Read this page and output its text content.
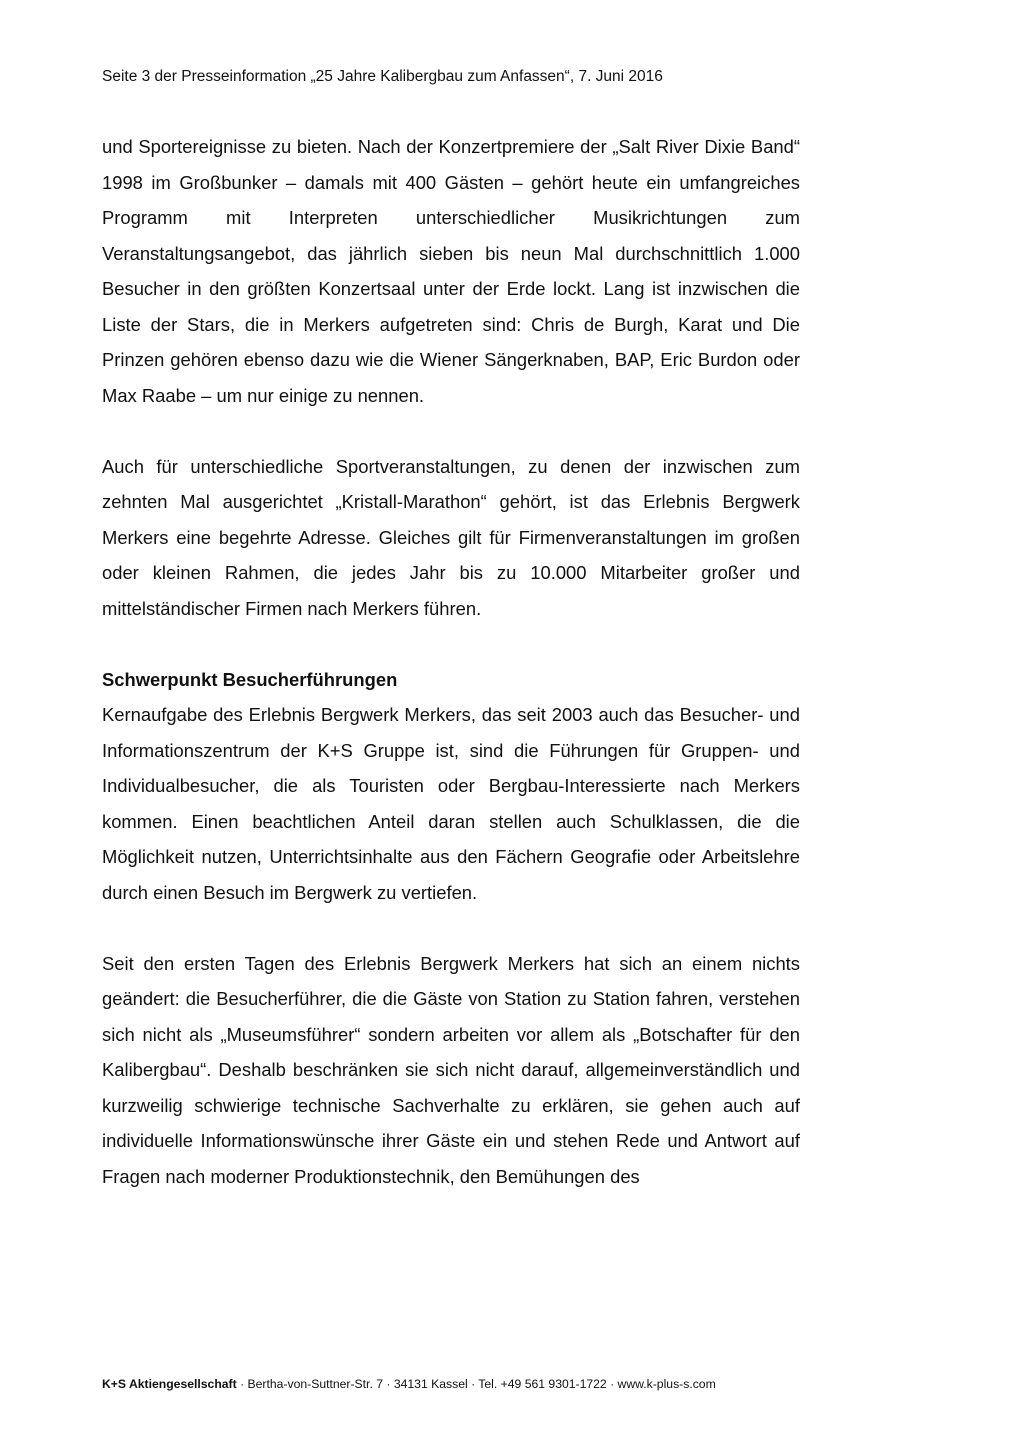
Seite 3 der Presseinformation „25 Jahre Kalibergbau zum Anfassen“, 7. Juni 2016

und Sportereignisse zu bieten. Nach der Konzertpremiere der „Salt River Dixie Band“ 1998 im Großbunker – damals mit 400 Gästen – gehört heute ein umfangreiches Programm mit Interpreten unterschiedlicher Musikrichtungen zum Veranstaltungsangebot, das jährlich sieben bis neun Mal durchschnittlich 1.000 Besucher in den größten Konzertsaal unter der Erde lockt. Lang ist inzwischen die Liste der Stars, die in Merkers aufgetreten sind: Chris de Burgh, Karat und Die Prinzen gehören ebenso dazu wie die Wiener Sängerknaben, BAP, Eric Burdon oder Max Raabe – um nur einige zu nennen.

Auch für unterschiedliche Sportveranstaltungen, zu denen der inzwischen zum zehnten Mal ausgerichtet „Kristall-Marathon“ gehört, ist das Erlebnis Bergwerk Merkers eine begehrte Adresse. Gleiches gilt für Firmenveranstaltungen im großen oder kleinen Rahmen, die jedes Jahr bis zu 10.000 Mitarbeiter großer und mittelständischer Firmen nach Merkers führen.

Schwerpunkt Besucherführungen

Kernaufgabe des Erlebnis Bergwerk Merkers, das seit 2003 auch das Besucher- und Informationszentrum der K+S Gruppe ist, sind die Führungen für Gruppen- und Individualbesucher, die als Touristen oder Bergbau-Interessierte nach Merkers kommen. Einen beachtlichen Anteil daran stellen auch Schulklassen, die die Möglichkeit nutzen, Unterrichtsinhalte aus den Fächern Geografie oder Arbeitslehre durch einen Besuch im Bergwerk zu vertiefen.

Seit den ersten Tagen des Erlebnis Bergwerk Merkers hat sich an einem nichts geändert: die Besucherführer, die die Gäste von Station zu Station fahren, verstehen sich nicht als „Museumsführer“ sondern arbeiten vor allem als „Botschafter für den Kalibergbau“. Deshalb beschränken sie sich nicht darauf, allgemeinverständlich und kurzweilig schwierige technische Sachverhalte zu erklären, sie gehen auch auf individuelle Informationswünsche ihrer Gäste ein und stehen Rede und Antwort auf Fragen nach moderner Produktionstechnik, den Bemühungen des

K+S Aktiengesellschaft · Bertha-von-Suttner-Str. 7 · 34131 Kassel · Tel. +49 561 9301-1722 · www.k-plus-s.com
